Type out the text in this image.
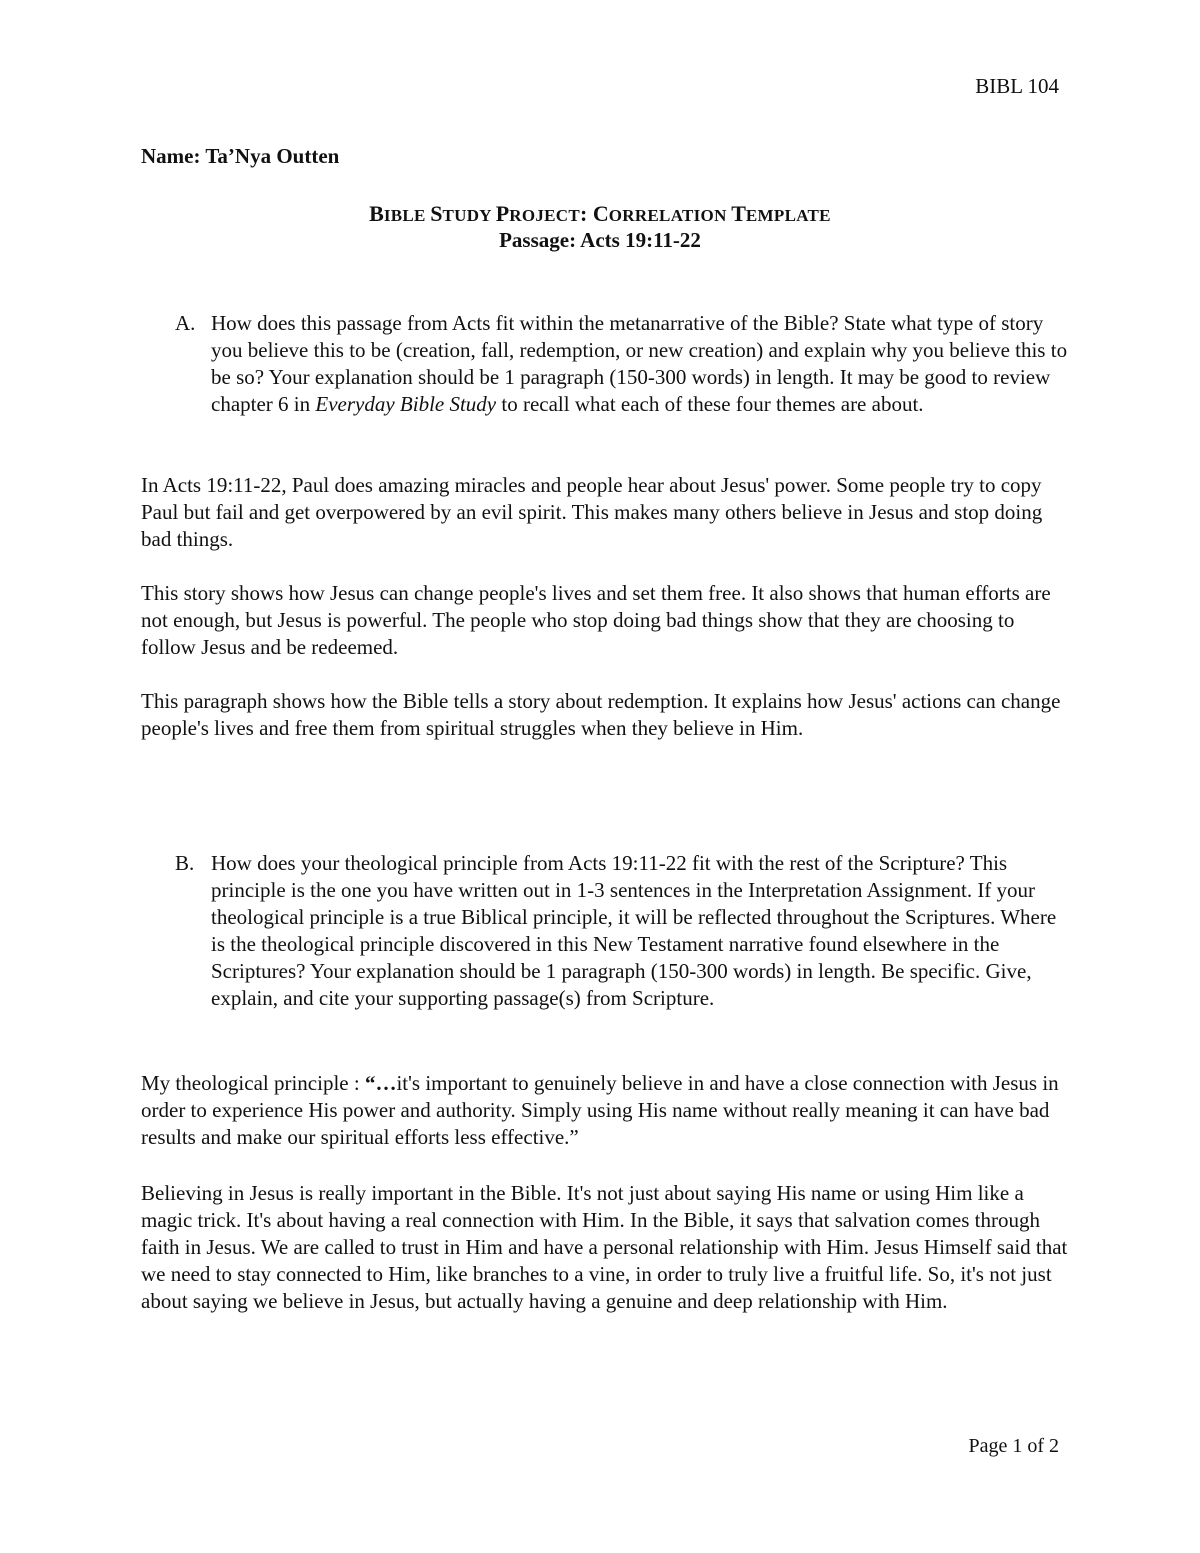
BIBL 104
Name: Ta’Nya Outten
BIBLE STUDY PROJECT: CORRELATION TEMPLATE
Passage: Acts 19:11-22
A. How does this passage from Acts fit within the metanarrative of the Bible? State what type of story you believe this to be (creation, fall, redemption, or new creation) and explain why you believe this to be so? Your explanation should be 1 paragraph (150-300 words) in length. It may be good to review chapter 6 in Everyday Bible Study to recall what each of these four themes are about.

In Acts 19:11-22, Paul does amazing miracles and people hear about Jesus' power. Some people try to copy Paul but fail and get overpowered by an evil spirit. This makes many others believe in Jesus and stop doing bad things.

This story shows how Jesus can change people's lives and set them free. It also shows that human efforts are not enough, but Jesus is powerful. The people who stop doing bad things show that they are choosing to follow Jesus and be redeemed.

This paragraph shows how the Bible tells a story about redemption. It explains how Jesus' actions can change people's lives and free them from spiritual struggles when they believe in Him.

B. How does your theological principle from Acts 19:11-22 fit with the rest of the Scripture? This principle is the one you have written out in 1-3 sentences in the Interpretation Assignment. If your theological principle is a true Biblical principle, it will be reflected throughout the Scriptures. Where is the theological principle discovered in this New Testament narrative found elsewhere in the Scriptures? Your explanation should be 1 paragraph (150-300 words) in length. Be specific. Give, explain, and cite your supporting passage(s) from Scripture.

My theological principle : “…it's important to genuinely believe in and have a close connection with Jesus in order to experience His power and authority. Simply using His name without really meaning it can have bad results and make our spiritual efforts less effective.”

Believing in Jesus is really important in the Bible. It's not just about saying His name or using Him like a magic trick. It's about having a real connection with Him. In the Bible, it says that salvation comes through faith in Jesus. We are called to trust in Him and have a personal relationship with Him. Jesus Himself said that we need to stay connected to Him, like branches to a vine, in order to truly live a fruitful life. So, it's not just about saying we believe in Jesus, but actually having a genuine and deep relationship with Him.

Page 1 of 2
